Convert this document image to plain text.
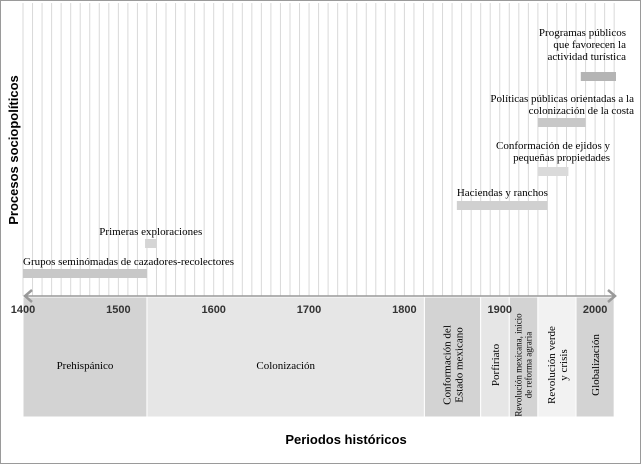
Prehispánico	Colonización	Conformación delEstado mexicano Porfiriato Revolución mexicana, iniciode reforma agraria Revolución verdey crisis Globalización
Grupos seminómadas de cazadores-recolectores
Primeras exploraciones
Haciendas y ranchos
Conformación de ejidos y pequeñas propiedades
Políticas públicas orientadas a la colonización de la costa
Programas públicos que favorecen la actividad turística
1400	1500	1600	1700	1800	1900	2000
Procesos sociopolíticos
Periodos históricos
